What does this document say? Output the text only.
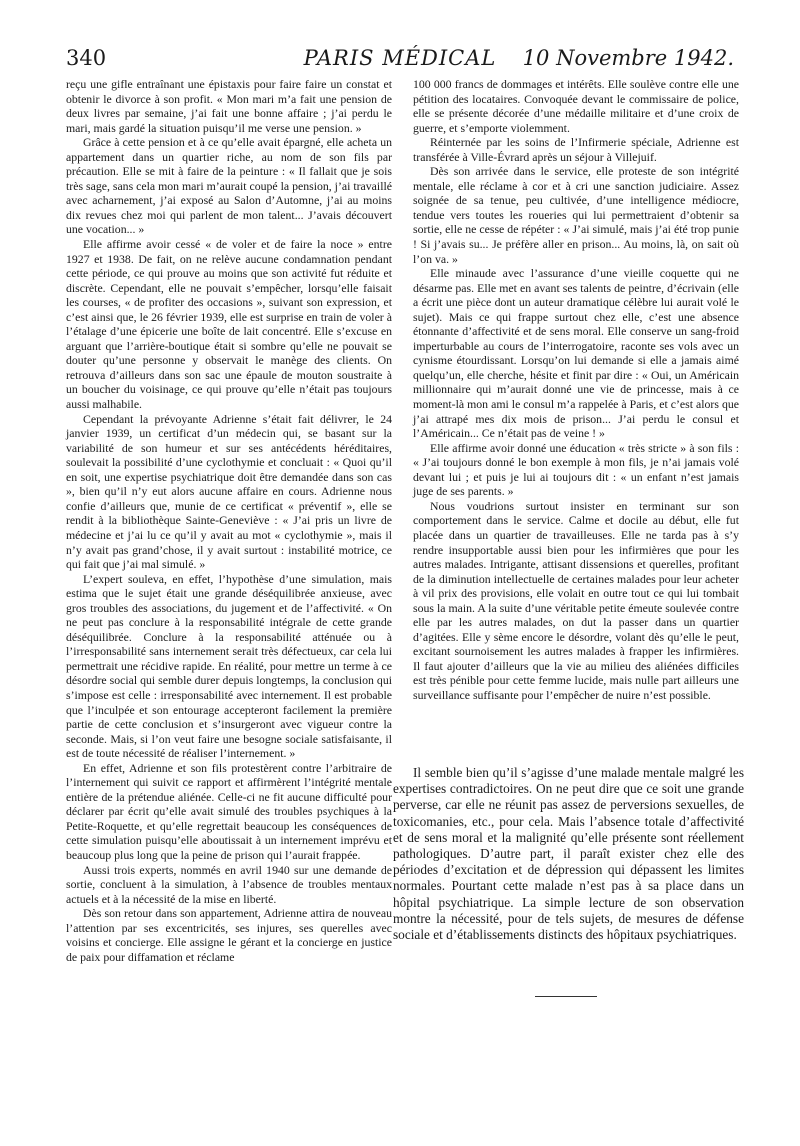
340	PARIS MÉDICAL	10 Novembre 1942.

reçu une gifle entraînant une épistaxis pour faire faire un constat et obtenir le divorce à son profit. « Mon mari m’a fait une pension de deux livres par semaine, j’ai fait une bonne affaire ; j’ai perdu le mari, mais gardé la situation puisqu’il me verse une pension. »

Grâce à cette pension et à ce qu’elle avait épargné, elle acheta un appartement dans un quartier riche, au nom de son fils par précaution. Elle se mit à faire de la peinture : « Il fallait que je sois très sage, sans cela mon mari m’aurait coupé la pension, j’ai travaillé avec acharnement, j’ai exposé au Salon d’Automne, j’ai au moins dix revues chez moi qui parlent de mon talent... J’avais découvert une vocation... »

Elle affirme avoir cessé « de voler et de faire la noce » entre 1927 et 1938. De fait, on ne relève aucune condamnation pendant cette période, ce qui prouve au moins que son activité fut réduite et discrète. Cependant, elle ne pouvait s’empêcher, lorsqu’elle faisait les courses, « de profiter des occasions », suivant son expression, et c’est ainsi que, le 26 février 1939, elle est surprise en train de voler à l’étalage d’une épicerie une boîte de lait concentré. Elle s’excuse en arguant que l’arrière-boutique était si sombre qu’elle ne pouvait se douter qu’une personne y observait le manège des clients. On retrouva d’ailleurs dans son sac une épaule de mouton soustraite à un boucher du voisinage, ce qui prouve qu’elle n’était pas toujours aussi malhabile.

Cependant la prévoyante Adrienne s’était fait délivrer, le 24 janvier 1939, un certificat d’un médecin qui, se basant sur la variabilité de son humeur et sur ses antécédents héréditaires, soulevait la possibilité d’une cyclothymie et concluait : « Quoi qu’il en soit, une expertise psychiatrique doit être demandée dans son cas », bien qu’il n’y eut alors aucune affaire en cours. Adrienne nous confie d’ailleurs que, munie de ce certificat « préventif », elle se rendit à la bibliothèque Sainte-Geneviève : « J’ai pris un livre de médecine et j’ai lu ce qu’il y avait au mot « cyclothymie », mais il n’y avait pas grand’chose, il y avait surtout : instabilité motrice, ce qui fait que j’ai mal simulé. »

L’expert souleva, en effet, l’hypothèse d’une simulation, mais estima que le sujet était une grande déséquilibrée anxieuse, avec gros troubles des associations, du jugement et de l’affectivité. « On ne peut pas conclure à la responsabilité intégrale de cette grande déséquilibrée. Conclure à la responsabilité atténuée ou à l’irresponsabilité sans internement serait très défectueux, car cela lui permettrait une récidive rapide. En réalité, pour mettre un terme à ce désordre social qui semble durer depuis longtemps, la conclusion qui s’impose est celle : irresponsabilité avec internement. Il est probable que l’inculpée et son entourage accepteront facilement la première partie de cette conclusion et s’insurgeront avec vigueur contre la seconde. Mais, si l’on veut faire une besogne sociale satisfaisante, il est de toute nécessité de réaliser l’internement. »

En effet, Adrienne et son fils protestèrent contre l’arbitraire de l’internement qui suivit ce rapport et affirmèrent l’intégrité mentale entière de la prétendue aliénée. Celle-ci ne fit aucune difficulté pour déclarer par écrit qu’elle avait simulé des troubles psychiques à la Petite-Roquette, et qu’elle regrettait beaucoup les conséquences de cette simulation puisqu’elle aboutissait à un internement imprévu et beaucoup plus long que la peine de prison qui l’aurait frappée.

Aussi trois experts, nommés en avril 1940 sur une demande de sortie, concluent à la simulation, à l’absence de troubles mentaux actuels et à la nécessité de la mise en liberté.

Dès son retour dans son appartement, Adrienne attira de nouveau l’attention par ses excentricités, ses injures, ses querelles avec voisins et concierge. Elle assigne le gérant et la concierge en justice de paix pour diffamation et réclame

100 000 francs de dommages et intérêts. Elle soulève contre elle une pétition des locataires. Convoquée devant le commissaire de police, elle se présente décorée d’une médaille militaire et d’une croix de guerre, et s’emporte violemment.

Réinternée par les soins de l’Infirmerie spéciale, Adrienne est transférée à Ville-Évrard après un séjour à Villejuif.

Dès son arrivée dans le service, elle proteste de son intégrité mentale, elle réclame à cor et à cri une sanction judiciaire. Assez soignée de sa tenue, peu cultivée, d’une intelligence médiocre, tendue vers toutes les roueries qui lui permettraient d’obtenir sa sortie, elle ne cesse de répéter : « J’ai simulé, mais j’ai été trop punie ! Si j’avais su... Je préfère aller en prison... Au moins, là, on sait où l’on va. »

Elle minaude avec l’assurance d’une vieille coquette qui ne désarme pas. Elle met en avant ses talents de peintre, d’écrivain (elle a écrit une pièce dont un auteur dramatique célèbre lui aurait volé le sujet). Mais ce qui frappe surtout chez elle, c’est une absence étonnante d’affectivité et de sens moral. Elle conserve un sang-froid imperturbable au cours de l’interrogatoire, raconte ses vols avec un cynisme étourdissant. Lorsqu’on lui demande si elle a jamais aimé quelqu’un, elle cherche, hésite et finit par dire : « Oui, un Américain millionnaire qui m’aurait donné une vie de princesse, mais à ce moment-là mon ami le consul m’a rappelée à Paris, et c’est alors que j’ai attrapé mes dix mois de prison... J’ai perdu le consul et l’Américain... Ce n’était pas de veine ! »

Elle affirme avoir donné une éducation « très stricte » à son fils : « J’ai toujours donné le bon exemple à mon fils, je n’ai jamais volé devant lui ; et puis je lui ai toujours dit : « un enfant n’est jamais juge de ses parents. »

Nous voudrions surtout insister en terminant sur son comportement dans le service. Calme et docile au début, elle fut placée dans un quartier de travailleuses. Elle ne tarda pas à s’y rendre insupportable aussi bien pour les infirmières que pour les autres malades. Intrigante, attisant dissensions et querelles, profitant de la diminution intellectuelle de certaines malades pour leur acheter à vil prix des provisions, elle volait en outre tout ce qui lui tombait sous la main. A la suite d’une véritable petite émeute soulevée contre elle par les autres malades, on dut la passer dans un quartier d’agitées. Elle y sème encore le désordre, volant dès qu’elle le peut, excitant sournoisement les autres malades à frapper les infirmières. Il faut ajouter d’ailleurs que la vie au milieu des aliénées difficiles est très pénible pour cette femme lucide, mais nulle part ailleurs une surveillance suffisante pour l’empêcher de nuire n’est possible.

Il semble bien qu’il s’agisse d’une malade mentale malgré les expertises contradictoires. On ne peut dire que ce soit une grande perverse, car elle ne réunit pas assez de perversions sexuelles, de toxicomanies, etc., pour cela. Mais l’absence totale d’affectivité et de sens moral et la malignité qu’elle présente sont réellement pathologiques. D’autre part, il paraît exister chez elle des périodes d’excitation et de dépression qui dépassent les limites normales. Pourtant cette malade n’est pas à sa place dans un hôpital psychiatrique. La simple lecture de son observation montre la nécessité, pour de tels sujets, de mesures de défense sociale et d’établissements distincts des hôpitaux psychiatriques.
